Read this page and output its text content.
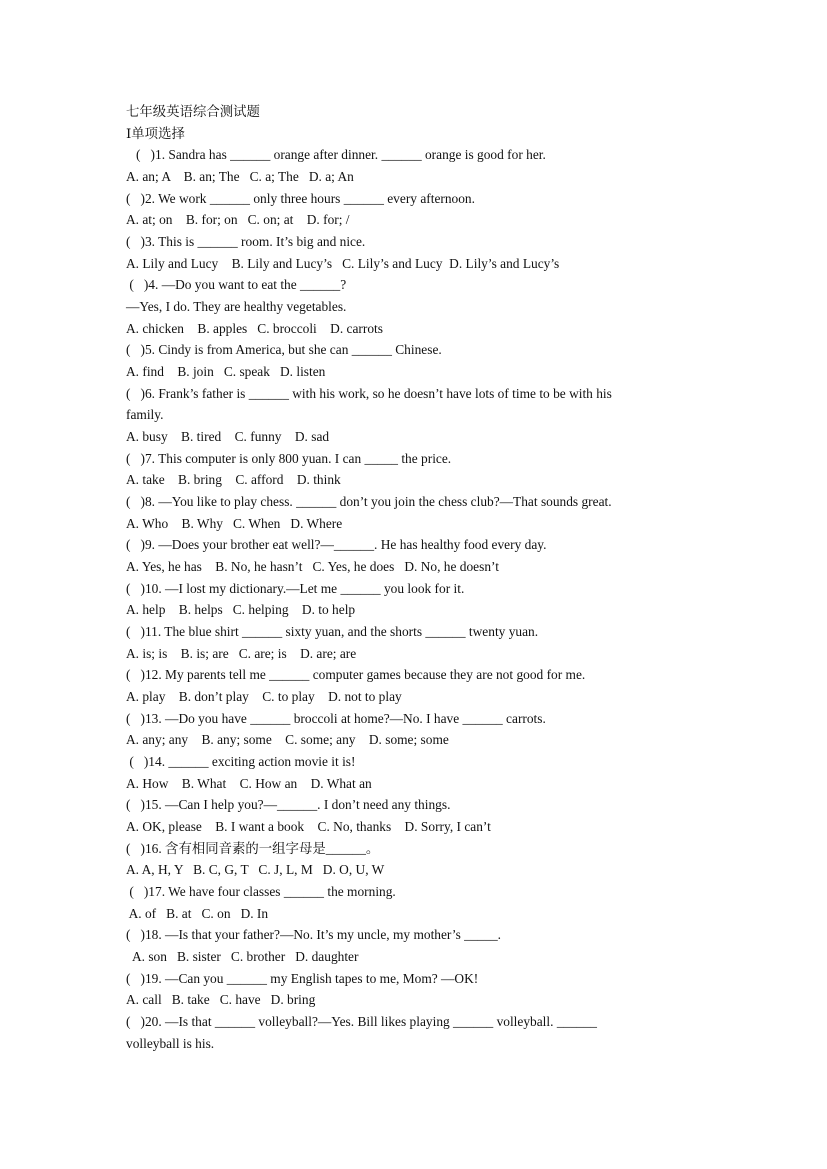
七年级英语综合测试题

Ⅰ单项选择

(   )1. Sandra has ______ orange after dinner. ______ orange is good for her.

A. an; A    B. an; The   C. a; The   D. a; An

(   )2. We work ______ only three hours ______ every afternoon.

A. at; on    B. for; on   C. on; at    D. for; /

(   )3. This is ______ room. It’s big and nice.

A. Lily and Lucy    B. Lily and Lucy’s   C. Lily’s and Lucy  D. Lily’s and Lucy’s

(   )4. —Do you want to eat the ______?

—Yes, I do. They are healthy vegetables.

A. chicken    B. apples   C. broccoli    D. carrots

(   )5. Cindy is from America, but she can ______ Chinese.

A. find    B. join   C. speak   D. listen

(   )6. Frank’s father is ______ with his work, so he doesn’t have lots of time to be with his

family.

A. busy    B. tired    C. funny    D. sad

(   )7. This computer is only 800 yuan. I can _____ the price.

A. take    B. bring    C. afford    D. think

(   )8. —You like to play chess. ______ don’t you join the chess club?—That sounds great.

A. Who    B. Why   C. When   D. Where

(   )9. —Does your brother eat well?—______. He has healthy food every day.

A. Yes, he has    B. No, he hasn’t   C. Yes, he does   D. No, he doesn’t

(   )10. —I lost my dictionary.—Let me ______ you look for it.

A. help    B. helps   C. helping    D. to help

(   )11. The blue shirt ______ sixty yuan, and the shorts ______ twenty yuan.

A. is; is    B. is; are   C. are; is    D. are; are

(   )12. My parents tell me ______ computer games because they are not good for me.

A. play    B. don’t play    C. to play    D. not to play

(   )13. —Do you have ______ broccoli at home?—No. I have ______ carrots.

A. any; any    B. any; some    C. some; any    D. some; some

(   )14. ______ exciting action movie it is!

A. How    B. What    C. How an    D. What an

(   )15. —Can I help you?—______. I don’t need any things.

A. OK, please    B. I want a book    C. No, thanks    D. Sorry, I can’t

(   )16. 含有相同音素的一组字母是______。

A. A, H, Y   B. C, G, T   C. J, L, M   D. O, U, W

(   )17. We have four classes ______ the morning.

A. of   B. at   C. on   D. In

(   )18. —Is that your father?—No. It’s my uncle, my mother’s _____.

A. son   B. sister   C. brother   D. daughter

(   )19. —Can you ______ my English tapes to me, Mom? —OK!

A. call   B. take   C. have   D. bring

(   )20. —Is that ______ volleyball?—Yes. Bill likes playing ______ volleyball. ______

volleyball is his.
